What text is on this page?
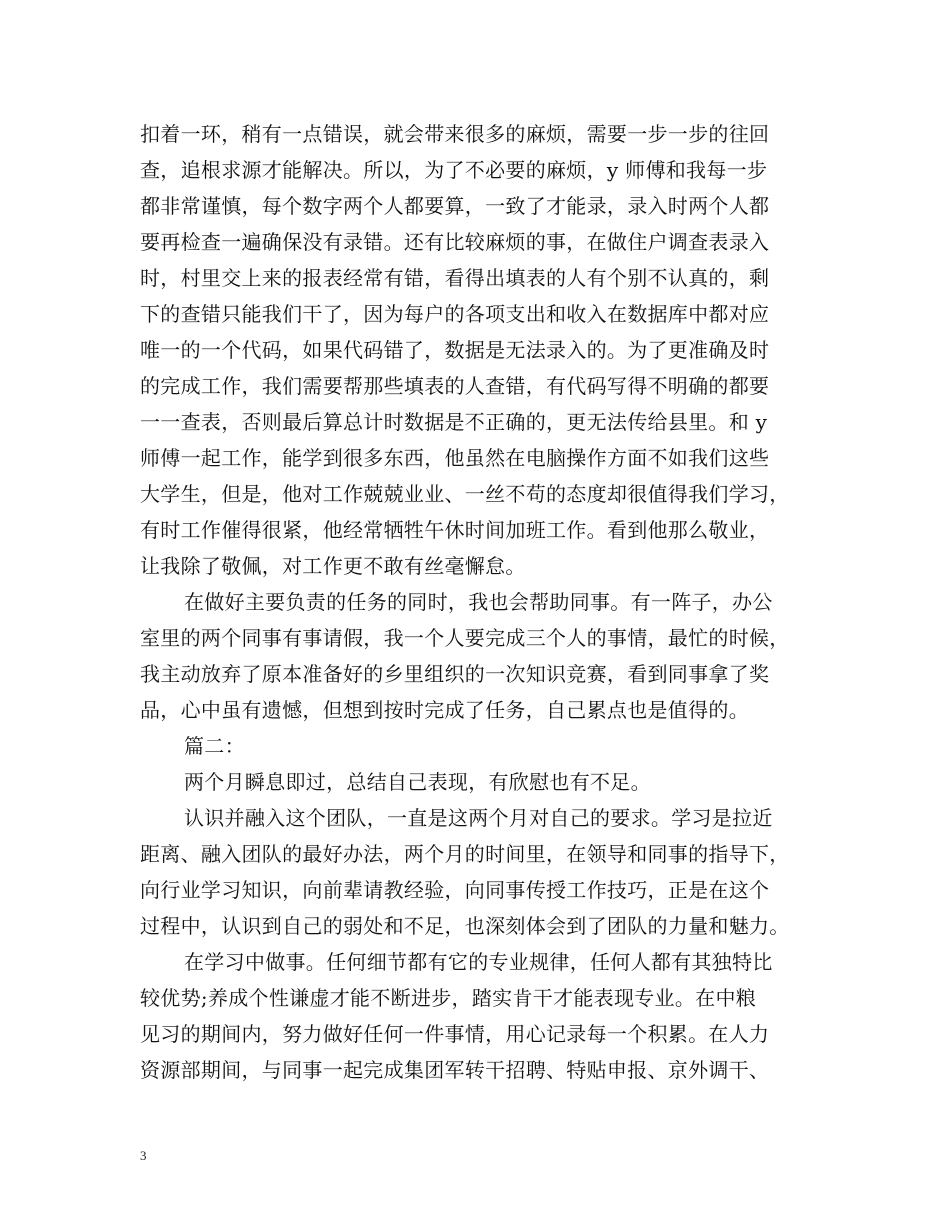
扣着一环，稍有一点错误，就会带来很多的麻烦，需要一步一步的往回
查，追根求源才能解决。所以，为了不必要的麻烦，y 师傅和我每一步
都非常谨慎，每个数字两个人都要算，一致了才能录，录入时两个人都
要再检查一遍确保没有录错。还有比较麻烦的事，在做住户调查表录入
时，村里交上来的报表经常有错，看得出填表的人有个别不认真的，剩
下的查错只能我们干了，因为每户的各项支出和收入在数据库中都对应
唯一的一个代码，如果代码错了，数据是无法录入的。为了更准确及时
的完成工作，我们需要帮那些填表的人查错，有代码写得不明确的都要
一一查表，否则最后算总计时数据是不正确的，更无法传给县里。和 y
师傅一起工作，能学到很多东西，他虽然在电脑操作方面不如我们这些
大学生，但是，他对工作兢兢业业、一丝不苟的态度却很值得我们学习，
有时工作催得很紧，他经常牺牲午休时间加班工作。看到他那么敬业，
让我除了敬佩，对工作更不敢有丝毫懈怠。
在做好主要负责的任务的同时，我也会帮助同事。有一阵子，办公
室里的两个同事有事请假，我一个人要完成三个人的事情，最忙的时候，
我主动放弃了原本准备好的乡里组织的一次知识竞赛，看到同事拿了奖
品，心中虽有遗憾，但想到按时完成了任务，自己累点也是值得的。
篇二：
两个月瞬息即过，总结自己表现，有欣慰也有不足。
认识并融入这个团队，一直是这两个月对自己的要求。学习是拉近
距离、融入团队的最好办法，两个月的时间里，在领导和同事的指导下，
向行业学习知识，向前辈请教经验，向同事传授工作技巧，正是在这个
过程中，认识到自己的弱处和不足，也深刻体会到了团队的力量和魅力。
在学习中做事。任何细节都有它的专业规律，任何人都有其独特比
较优势;养成个性谦虚才能不断进步，踏实肯干才能表现专业。在中粮
见习的期间内，努力做好任何一件事情，用心记录每一个积累。在人力
资源部期间，与同事一起完成集团军转干招聘、特贴申报、京外调干、
3
